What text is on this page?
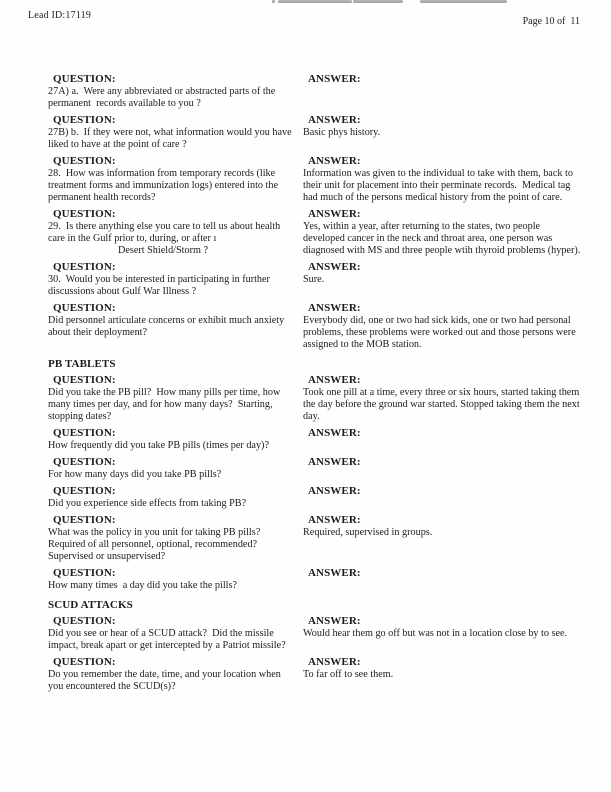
Lead ID:17119
Page 10 of  11
QUESTION:
27A) a.  Were any abbreviated or abstracted parts of the permanent  records available to you ?
ANSWER:
QUESTION:
27B) b.  If they were not, what information would you have liked to have at the point of care ?
ANSWER:
Basic phys history.
QUESTION:
28.  How was information from temporary records (like treatment forms and immunization logs) entered into the permanent health records?
ANSWER:
Information was given to the individual to take with them, back to their unit for placement into their perminate records.  Medical tag had much of the persons medical history from the point of care.
QUESTION:
29.  Is there anything else you care to tell us about health care in the Gulf prior to, during, or after ı
Desert Shield/Storm ?
ANSWER:
Yes, within a year, after returning to the states, two people developed cancer in the neck and throat area, one person was diagnosed with MS and three people wtih thyroid problems (hyper).
QUESTION:
30.  Would you be interested in participating in further discussions about Gulf War Illness ?
ANSWER:
Sure.
QUESTION:
Did personnel articulate concerns or exhibit much anxiety about their deployment?
ANSWER:
Everybody did, one or two had sick kids, one or two had personal problems, these problems were worked out and those persons were assigned to the MOB station.
PB TABLETS
QUESTION:
Did you take the PB pill?  How many pills per time, how many times per day, and for how many days?  Starting, stopping dates?
ANSWER:
Took one pill at a time, every three or six hours, started taking them the day before the ground war started. Stopped taking them the next day.
QUESTION:
How frequently did you take PB pills (times per day)?
ANSWER:
QUESTION:
For how many days did you take PB pills?
ANSWER:
QUESTION:
Did you experience side effects from taking PB?
ANSWER:
QUESTION:
What was the policy in you unit for taking PB pills? Required of all personnel, optional, recommended? Supervised or unsupervised?
ANSWER:
Required, supervised in groups.
QUESTION:
How many times  a day did you take the pills?
ANSWER:
SCUD ATTACKS
QUESTION:
Did you see or hear of a SCUD attack?  Did the missile impact, break apart or get intercepted by a Patriot missile?
ANSWER:
Would hear them go off but was not in a location close by to see.
QUESTION:
Do you remember the date, time, and your location when you encountered the SCUD(s)?
ANSWER:
To far off to see them.
